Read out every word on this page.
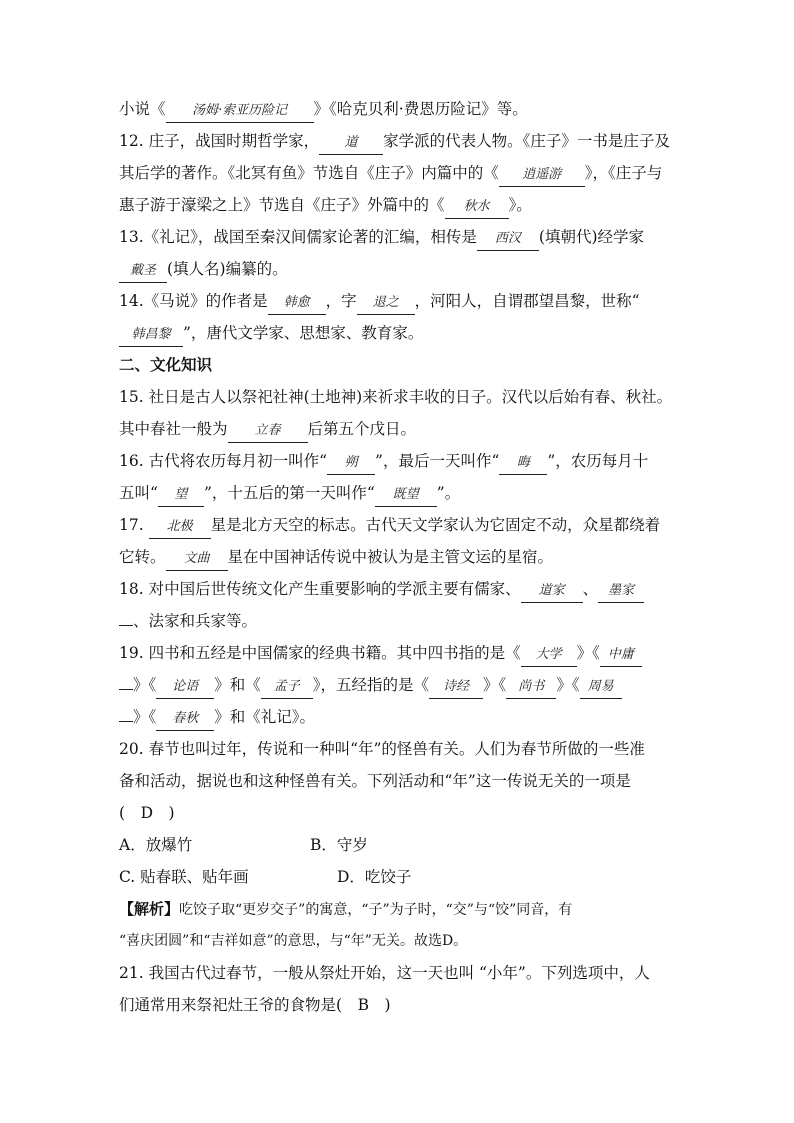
小说《 汤姆·索亚历险记 》《哈克贝利·费恩历险记》等。
12. 庄子，战国时期哲学家， 道 家学派的代表人物。《庄子》一书是庄子及
其后学的著作。《北冥有鱼》节选自《庄子》内篇中的《 逍遥游 》，《庄子与
惠子游于濠梁之上》节选自《庄子》外篇中的《 秋水 》。
13.《礼记》，战国至秦汉间儒家论著的汇编，相传是 西汉 (填朝代)经学家
戴圣 (填人名)编纂的。
14.《马说》的作者是 韩愈 ，字 退之 ，河阳人，自谓郡望昌黎，世称“
韩昌黎 ”，唐代文学家、思想家、教育家。
二、文化知识
15. 社日是古人以祭祀社神(土地神)来祈求丰收的日子。汉代以后始有春、秋社。
其中春社一般为 立春 后第五个戊日。
16. 古代将农历每月初一叫作“ 朔 ”，最后一天叫作“ 晦 ”，农历每月十
五叫“ 望 ”，十五后的第一天叫作“ 既望 ”。
17. 北极 星是北方天空的标志。古代天文学家认为它固定不动，众星都绕着
它转。 文曲 星在中国神话传说中被认为是主管文运的星宿。
18. 对中国后世传统文化产生重要影响的学派主要有儒家、 道家 、 墨家
、法家和兵家等。
19. 四书和五经是中国儒家的经典书籍。其中四书指的是《 大学 》《 中庸
》《 论语 》和《 孟子 》，五经指的是《 诗经 》《 尚书 》《 周易
》《 春秋 》和《礼记》。
20. 春节也叫过年，传说和一种叫“年”的怪兽有关。人们为春节所做的一些准
备和活动，据说也和这种怪兽有关。下列活动和“年”这一传说无关的一项是
(　D　)
A．放爆竹	B．守岁
C. 贴春联、贴年画	D．吃饺子
【解析】吃饺子取“更岁交子”的寓意，“子”为子时，“交”与“饺”同音，有
“喜庆团圆”和“吉祥如意”的意思，与“年”无关。故选D。
21. 我国古代过春节，一般从祭灶开始，这一天也叫 “小年”。下列选项中，人
们通常用来祭祀灶王爷的食物是(　B　)
